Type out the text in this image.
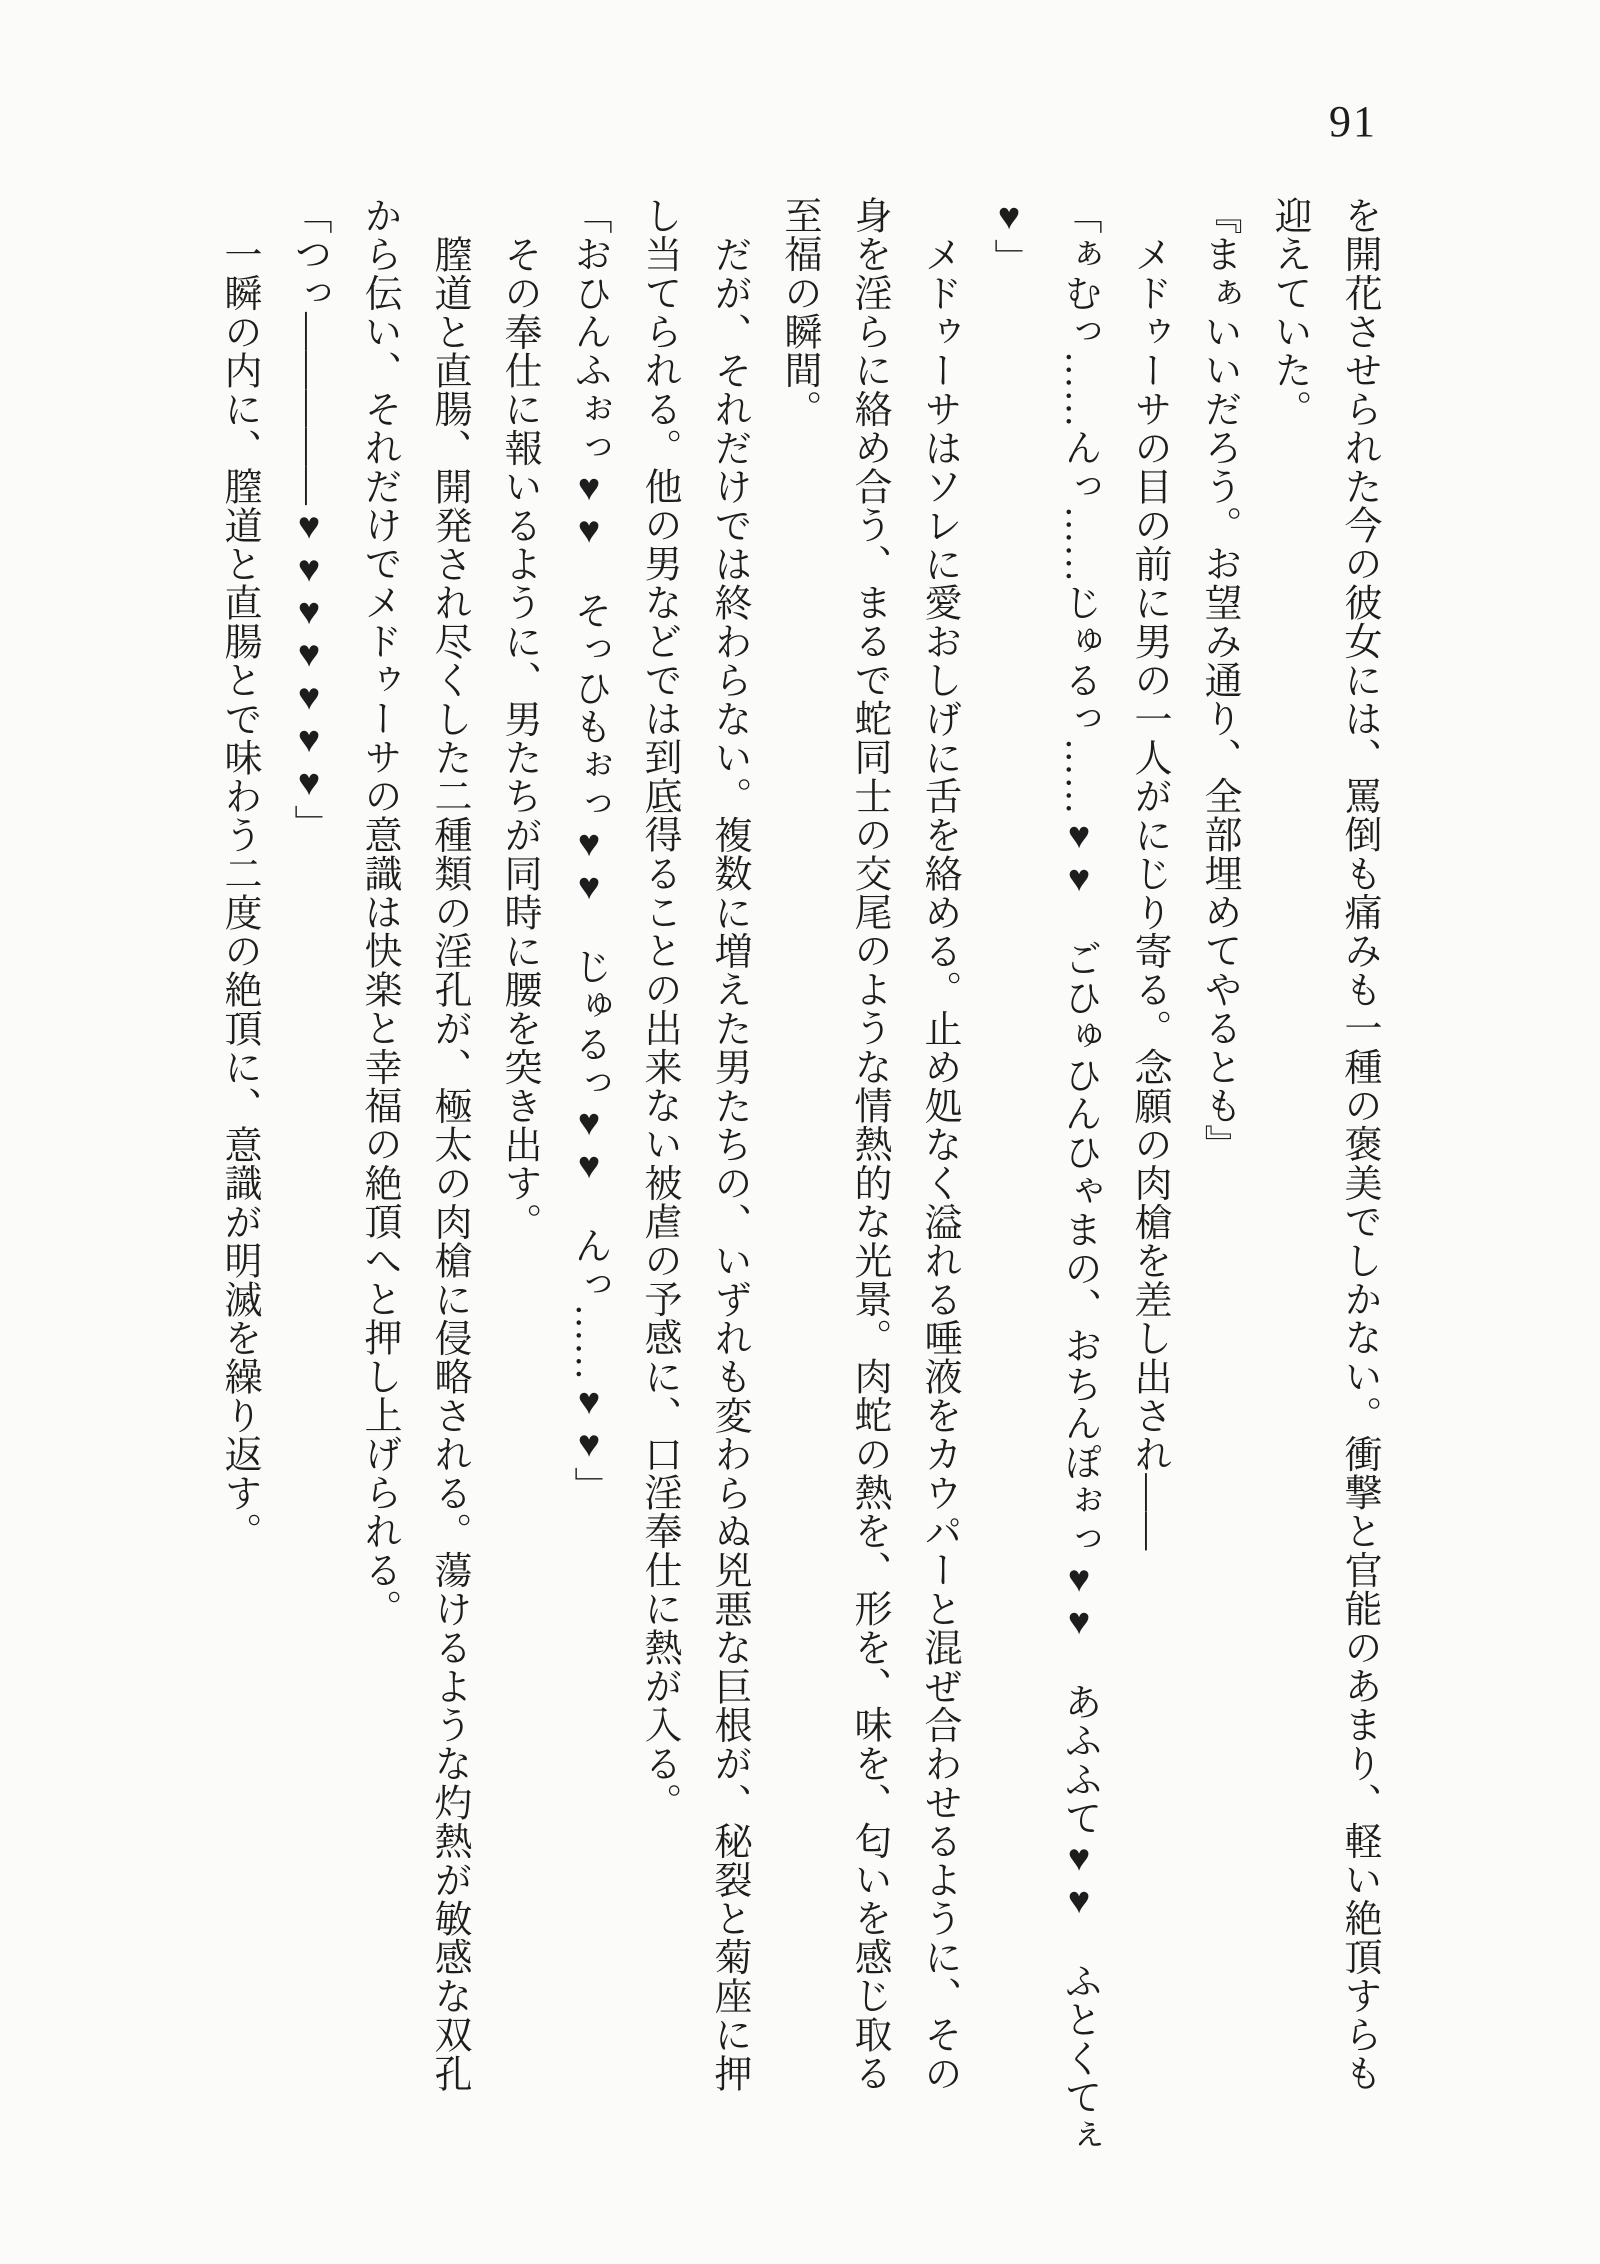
91

を開花させられた今の彼女には、罵倒も痛みも一種の褒美でしかない。衝撃と官能のあまり、軽い絶頂すらも

迎えていた。

『まぁいいだろう。お望み通り、全部埋めてやるとも』

メドゥーサの目の前に男の一人がにじり寄る。念願の肉槍を差し出され――

「ぁむっ……んっ……じゅるっ……♥♥　ごひゅひんひゃまの、おちんぽぉっ♥♥　あふふて♥♥　ふとくてぇ

♥」

メドゥーサはソレに愛おしげに舌を絡める。止め処なく溢れる唾液をカウパーと混ぜ合わせるように、その

身を淫らに絡め合う、まるで蛇同士の交尾のような情熱的な光景。肉蛇の熱を、形を、味を、匂いを感じ取る

至福の瞬間。

だが、それだけでは終わらない。複数に増えた男たちの、いずれも変わらぬ兇悪な巨根が、秘裂と菊座に押

し当てられる。他の男などでは到底得ることの出来ない被虐の予感に、口淫奉仕に熱が入る。

「おひんふぉっ♥♥　そっひもぉっ♥♥　じゅるっ♥♥　んっ……♥♥」

その奉仕に報いるように、男たちが同時に腰を突き出す。

膣道と直腸、開発され尽くした二種類の淫孔が、極太の肉槍に侵略される。蕩けるような灼熱が敏感な双孔

から伝い、それだけでメドゥーサの意識は快楽と幸福の絶頂へと押し上げられる。

「つっ―――――♥♥♥♥♥♥♥」

一瞬の内に、膣道と直腸とで味わう二度の絶頂に、意識が明滅を繰り返す。
